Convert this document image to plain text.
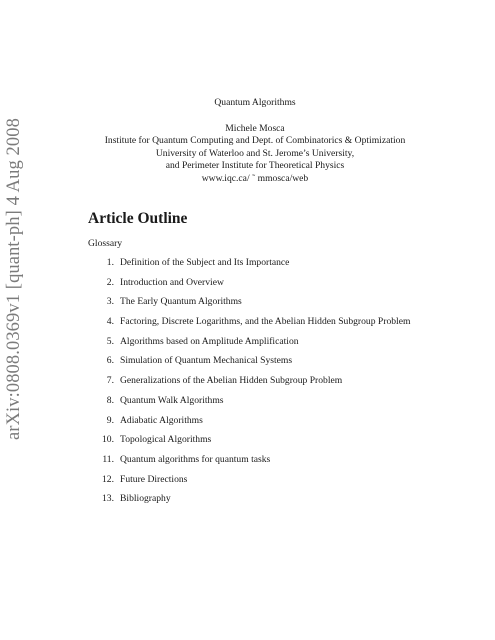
arXiv:0808.0369v1 [quant-ph] 4 Aug 2008
Quantum Algorithms
Michele Mosca
Institute for Quantum Computing and Dept. of Combinatorics & Optimization
University of Waterloo and St. Jerome’s University,
and Perimeter Institute for Theoretical Physics
www.iqc.ca/ ˜ mmosca/web
Article Outline
Glossary
1. Definition of the Subject and Its Importance
2. Introduction and Overview
3. The Early Quantum Algorithms
4. Factoring, Discrete Logarithms, and the Abelian Hidden Subgroup Problem
5. Algorithms based on Amplitude Amplification
6. Simulation of Quantum Mechanical Systems
7. Generalizations of the Abelian Hidden Subgroup Problem
8. Quantum Walk Algorithms
9. Adiabatic Algorithms
10. Topological Algorithms
11. Quantum algorithms for quantum tasks
12. Future Directions
13. Bibliography
